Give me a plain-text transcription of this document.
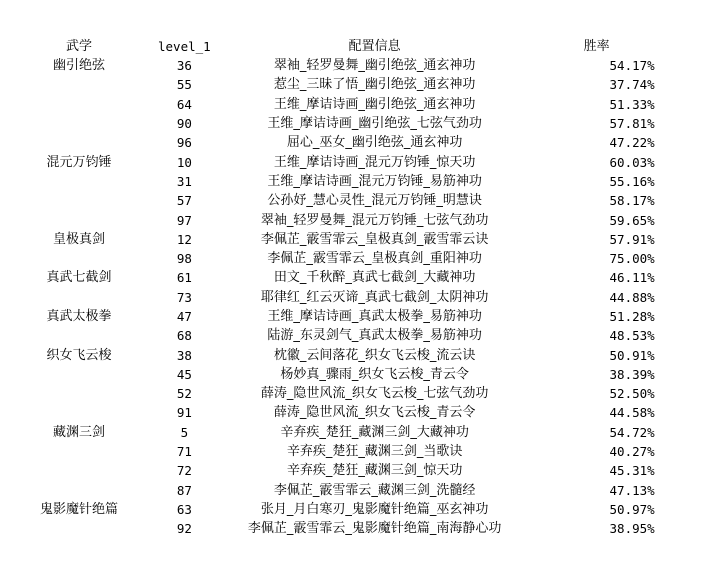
武学	level_1	配置信息	胜率
幽引绝弦	36	翠袖_轻罗曼舞_幽引绝弦_通玄神功	54.17%
	55	惹尘_三昧了悟_幽引绝弦_通玄神功	37.74%
	64	王维_摩诘诗画_幽引绝弦_通玄神功	51.33%
	90	王维_摩诘诗画_幽引绝弦_七弦气劲功	57.81%
	96	屈心_巫女_幽引绝弦_通玄神功	47.22%
混元万钧锤	10	王维_摩诘诗画_混元万钧锤_惊天功	60.03%
	31	王维_摩诘诗画_混元万钧锤_易筋神功	55.16%
	57	公孙妤_慧心灵性_混元万钧锤_明慧诀	58.17%
	97	翠袖_轻罗曼舞_混元万钧锤_七弦气劲功	59.65%
皇极真剑	12	李佩芷_霰雪霏云_皇极真剑_霰雪霏云诀	57.91%
	98	李佩芷_霰雪霏云_皇极真剑_重阳神功	75.00%
真武七截剑	61	田文_千秋醉_真武七截剑_大藏神功	46.11%
	73	耶律红_红云灭谛_真武七截剑_太阴神功	44.88%
真武太极拳	47	王维_摩诘诗画_真武太极拳_易筋神功	51.28%
	68	陆游_东灵剑气_真武太极拳_易筋神功	48.53%
织女飞云梭	38	枕徽_云间落花_织女飞云梭_流云诀	50.91%
	45	杨妙真_骤雨_织女飞云梭_青云令	38.39%
	52	薛涛_隐世风流_织女飞云梭_七弦气劲功	52.50%
	91	薛涛_隐世风流_织女飞云梭_青云令	44.58%
藏渊三剑	5	辛弃疾_楚狂_藏渊三剑_大藏神功	54.72%
	71	辛弃疾_楚狂_藏渊三剑_当歌诀	40.27%
	72	辛弃疾_楚狂_藏渊三剑_惊天功	45.31%
	87	李佩芷_霰雪霏云_藏渊三剑_洗髓经	47.13%
鬼影魔针绝篇	63	张月_月白寒刃_鬼影魔针绝篇_巫玄神功	50.97%
	92	李佩芷_霰雪霏云_鬼影魔针绝篇_南海静心功	38.95%
